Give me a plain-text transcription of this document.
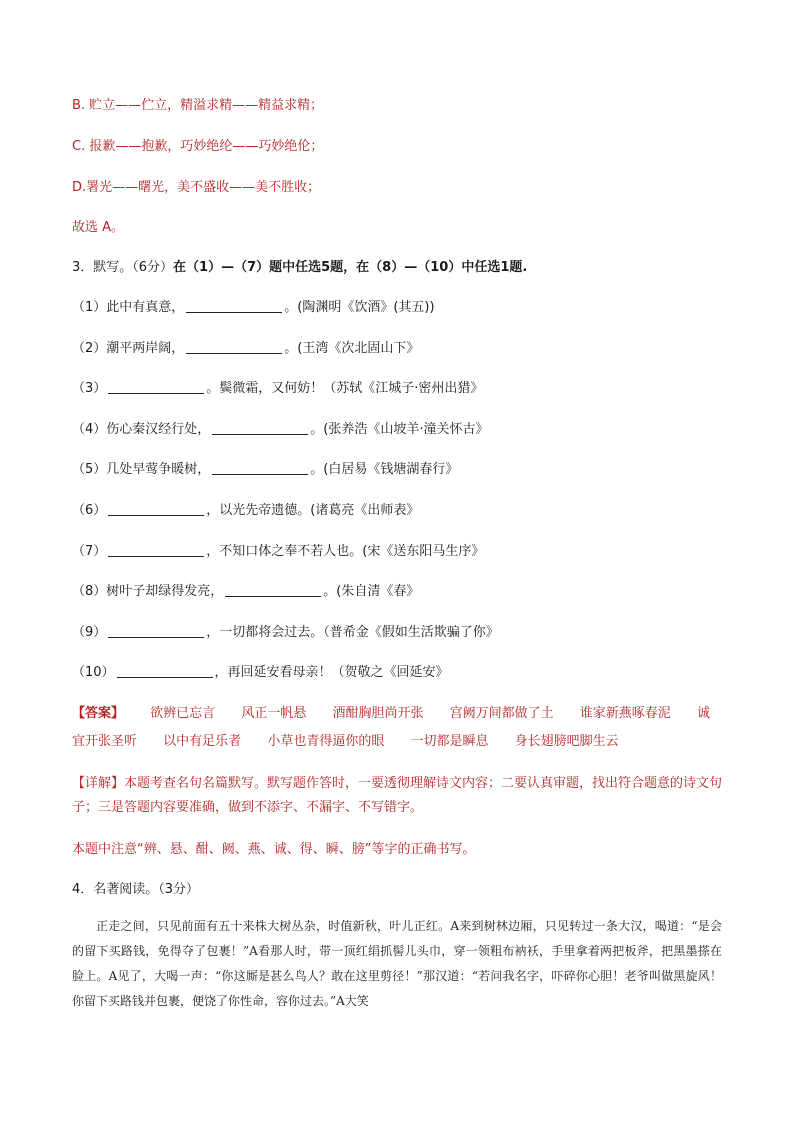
B. 贮立——伫立，精溢求精——精益求精；
C. 报歉——抱歉，巧妙绝纶——巧妙绝伦；
D.署光——曙光，美不盛收——美不胜收；
故选 A。
3．默写。（6分）在（1）—（7）题中任选5题，在（8）—（10）中任选1题.
（1）此中有真意，	。(陶渊明《饮酒》(其五))
（2）潮平两岸阔，	。(王湾《次北固山下》
（3）	。鬓微霜，又何妨！（苏轼《江城子·密州出猎》
（4）伤心秦汉经行处，	。(张养浩《山坡羊·潼关怀古》
（5）几处早莺争暖树，	。(白居易《钱塘湖春行》
（6）	，以光先帝遗德。(诸葛亮《出师表》
（7）	，不知口体之奉不若人也。(宋《送东阳马生序》
（8）树叶子却绿得发亮，	。(朱自清《春》
（9）	，一切都将会过去。（普希金《假如生活欺骗了你》
（10）	，再回延安看母亲！（贺敬之《回延安》
【答案】 欲辨已忘言 风正一帆悬 酒酣胸胆尚开张 宫阙万间都做了土 谁家新燕啄春泥 诚
宜开张圣听 以中有足乐者 小草也青得逼你的眼 一切都是瞬息 身长翅膀吧脚生云
【详解】本题考查名句名篇默写。默写题作答时，一要透彻理解诗文内容；二要认真审题，找出符合题意的诗文句子；三是答题内容要准确，做到不添字、不漏字、不写错字。
本题中注意“辨、悬、酣、阙、燕、诚、得、瞬、膀”等字的正确书写。
4．名著阅读。（3分）
正走之间，只见前面有五十来株大树丛杂，时值新秋，叶儿正红。A来到树林边厢，只见转过一条大汉，喝道：“是会的留下买路钱，免得夺了包裹！”A看那人时，带一顶红绢抓髻儿头巾，穿一领粗布衲袄，手里拿着两把板斧，把黑墨搽在脸上。A见了，大喝一声：“你这厮是甚么鸟人？敢在这里剪径！”那汉道：“若问我名字，吓碎你心胆！老爷叫做黑旋风！你留下买路钱并包裹，便饶了你性命，容你过去。”A大笑
